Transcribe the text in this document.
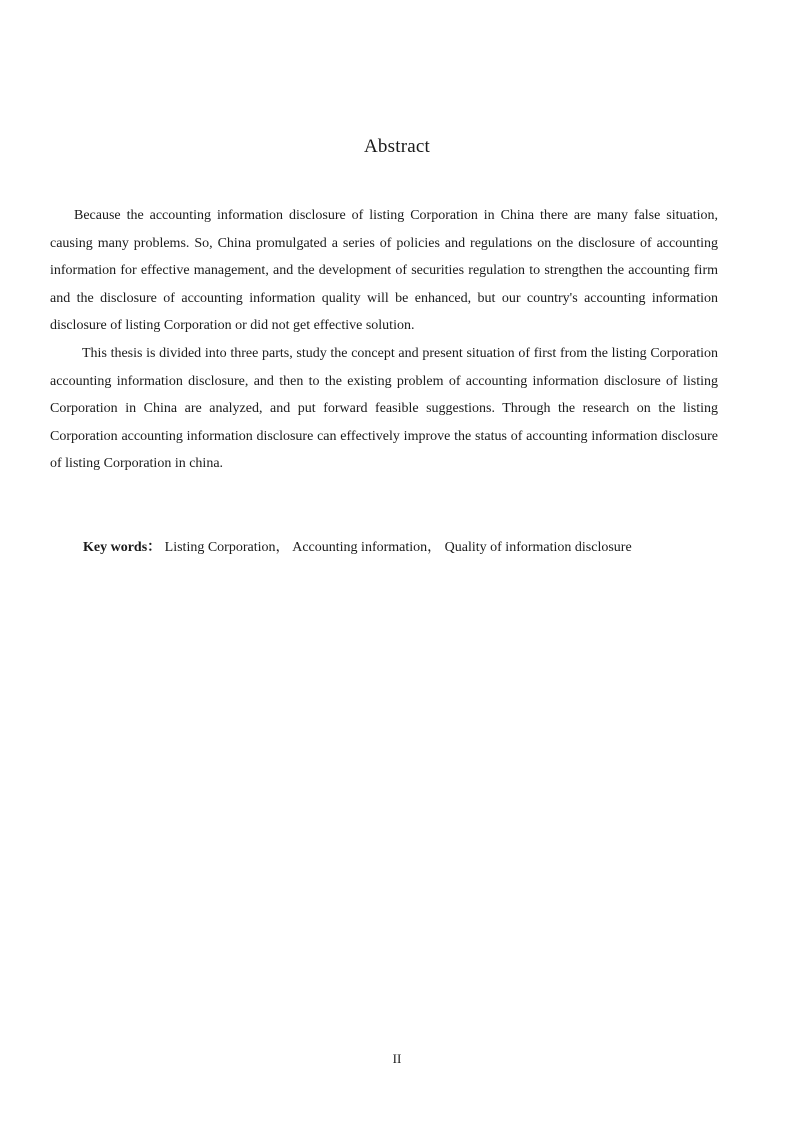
Abstract

Because the accounting information disclosure of listing Corporation in China there are many false situation, causing many problems. So, China promulgated a series of policies and regulations on the disclosure of accounting information for effective management, and the development of securities regulation to strengthen the accounting firm and the disclosure of accounting information quality will be enhanced, but our country's accounting information disclosure of listing Corporation or did not get effective solution.

This thesis is divided into three parts, study the concept and present situation of first from the listing Corporation accounting information disclosure, and then to the existing problem of accounting information disclosure of listing Corporation in China are analyzed, and put forward feasible suggestions. Through the research on the listing Corporation accounting information disclosure can effectively improve the status of accounting information disclosure of listing Corporation in china.

Key words： Listing Corporation， Accounting information， Quality of information disclosure
II
